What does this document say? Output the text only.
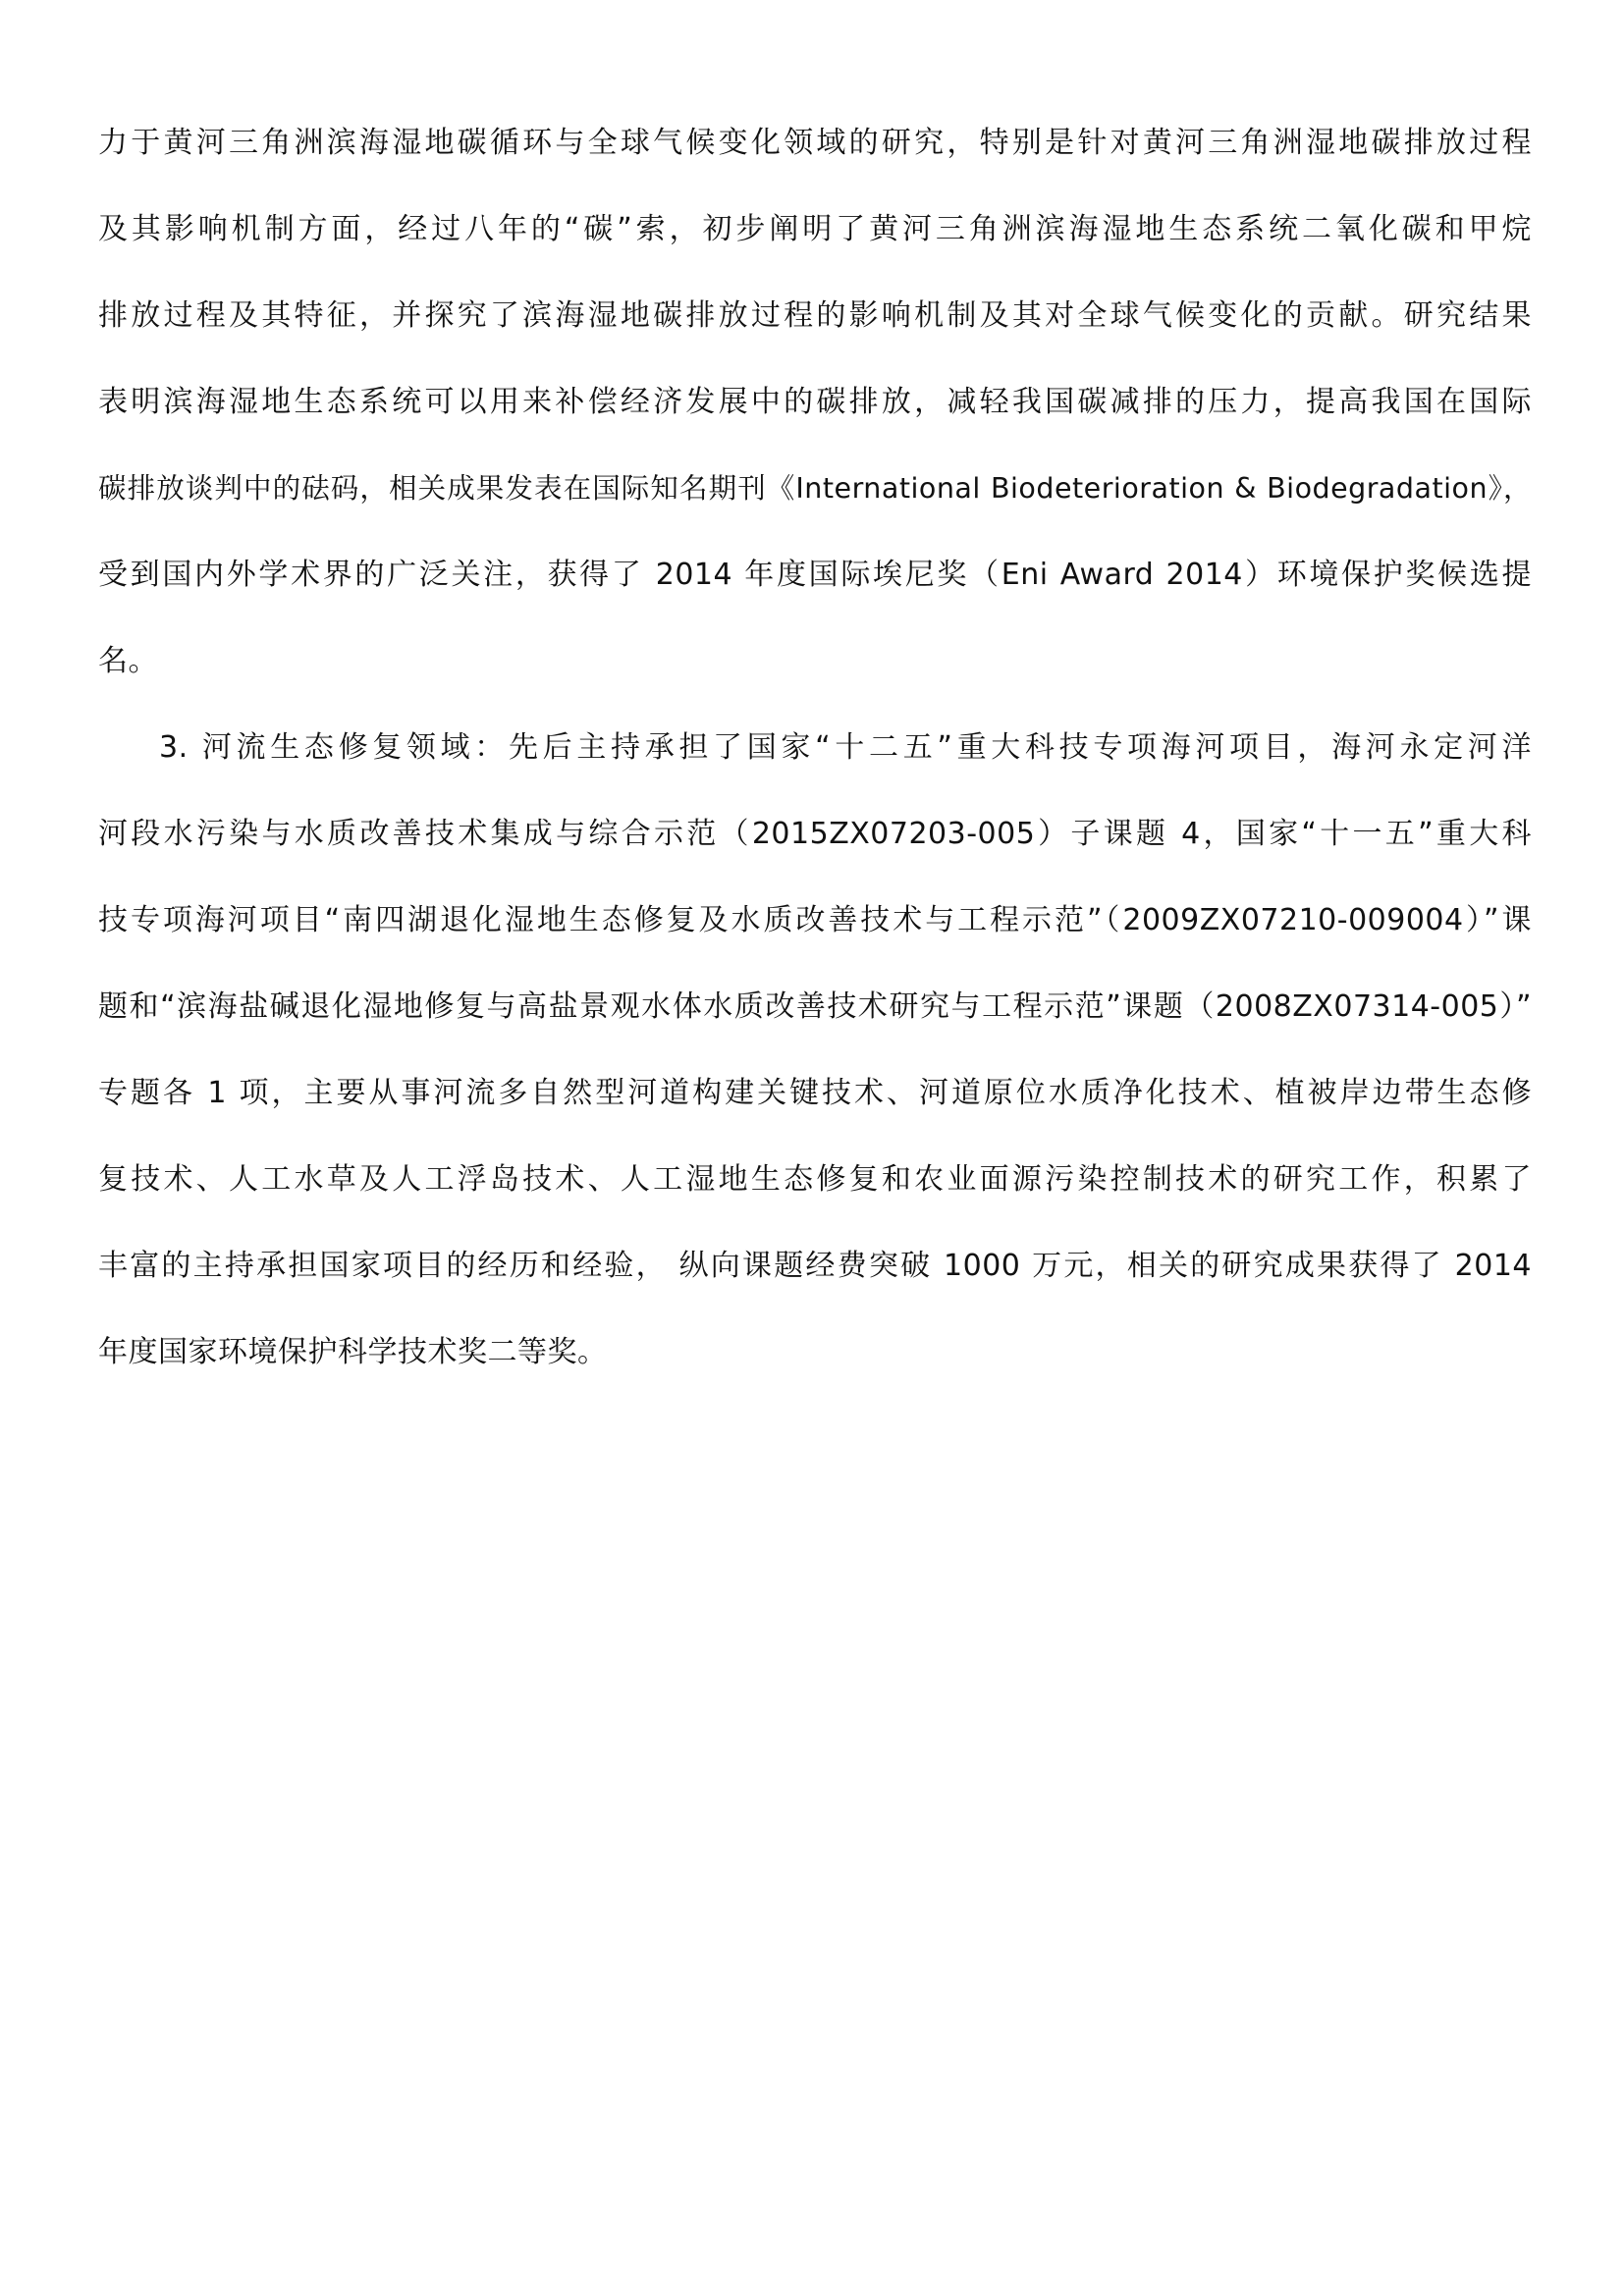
力于黄河三角洲滨海湿地碳循环与全球气候变化领域的研究，特别是针对黄河三角洲湿地碳排放过程
及其影响机制方面，经过八年的“碳”索，初步阐明了黄河三角洲滨海湿地生态系统二氧化碳和甲烷
排放过程及其特征，并探究了滨海湿地碳排放过程的影响机制及其对全球气候变化的贡献。研究结果
表明滨海湿地生态系统可以用来补偿经济发展中的碳排放，减轻我国碳减排的压力，提高我国在国际
碳排放谈判中的砝码，相关成果发表在国际知名期刊《International Biodeterioration & Biodegradation》，
受到国内外学术界的广泛关注，获得了 2014 年度国际埃尼奖（Eni Award 2014）环境保护奖候选提
名。
3. 河流生态修复领域：先后主持承担了国家“十二五”重大科技专项海河项目，海河永定河洋
河段水污染与水质改善技术集成与综合示范（2015ZX07203-005）子课题 4，国家“十一五”重大科
技专项海河项目“南四湖退化湿地生态修复及水质改善技术与工程示范”（2009ZX07210-009004）”课
题和“滨海盐碱退化湿地修复与高盐景观水体水质改善技术研究与工程示范”课题（2008ZX07314-005）”
专题各 1 项，主要从事河流多自然型河道构建关键技术、河道原位水质净化技术、植被岸边带生态修
复技术、人工水草及人工浮岛技术、人工湿地生态修复和农业面源污染控制技术的研究工作，积累了
丰富的主持承担国家项目的经历和经验， 纵向课题经费突破 1000 万元，相关的研究成果获得了 2014
年度国家环境保护科学技术奖二等奖。
